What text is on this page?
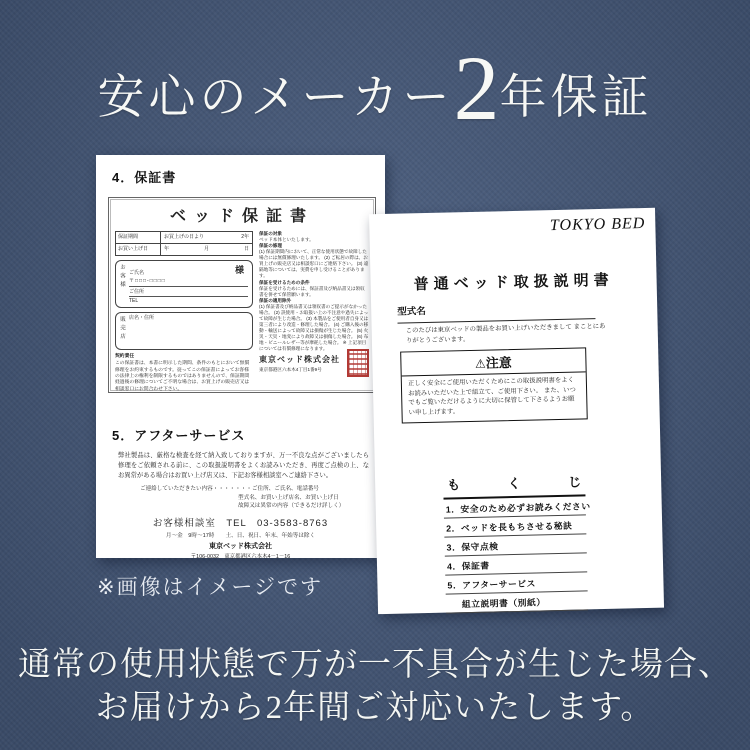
安心のメーカー2年保証
4．保証書
ベッド保証書
保証期間	お買上げの日より	2年
お買い上げ日	年	月	日
お客様 ご氏名	様
〒□□□-□□□□
ご住所
TEL
販売店 店名・住所
契約責任
この保証書は、本書に明示した期間、条件のもとにおいて無償修理をお約束するものです。従ってこの保証書によってお客様の法律上の権利を制限するものではありませんので、保証期間経過後の修理についてご不明な場合は、お買上げの販売店又は相談窓口にお問合わせ下さい。
保証の対象
ベッド本体といたします。
保証の修理
(1) 保証期間内において、正常な使用状態で故障した場合には無償修理いたします。 (2) ご転居の際は、お買上げの販売店又は相談窓口にご連絡下さい。 (3) 遠隔地等については、実費を申し受けることがあります。
保証を受けるための条件
保証を受けるためには、保証書及び納品書又は領収書を併せて保管願います。
保証の適用除外
(1) 保証書及び納品書又は領収書のご提示がなかった場合。 (2) 誤使用・お取扱い上の不注意や過失によって故障が生じた場合。 (3) 本製品をご使用者自身又は第三者により改造・修理した場合。 (4) ご購入後の移動・輸送によって故障又は損傷が生じた場合。 (5) 火災・天災・地変により故障又は損傷した場合。 (6) 布地・ビニールレザー等が摩耗した場合。 ※ 上記項目については有償修理になります。
東京ベッド株式会社
東京都港区六本木4丁目1番9号
5．アフターサービス
弊社製品は、厳格な検査を経て納入致しておりますが、万一不良な点がございましたら修理をご依頼される前に、この取扱説明書をよくお読みいただき、再度ご点検の上、なお異常がある場合はお買い上げ店又は、下記お客様相談室へご連絡下さい。
ご連絡していただきたい内容・・・・・・・ご住所、ご氏名、電話番号
型式名、お買い上げ店名、お買い上げ日
故障又は異常の内容（できるだけ詳しく）
お客様相談室　TEL　03-3583-8763
月～金　9時～17時　　土、日、祝日、年末、年始等は除く
東京ベッド株式会社
〒106-0032　東京都港区六本木4－1－16
TOKYO BED
普通ベッド取扱説明書
型式名
このたびは東京ベッドの製品をお買い上げいただきまして まことにありがとうございます。
⚠注意
正しく安全にご使用いただくためにこの取扱説明書をよくお読みいただいた上で組立て、ご使用下さい。 また、いつでもご覧いただけるように大切に保管して下さるようお願い申し上げます。
も	く	じ
1．安全のため必ずお読みください
2．ベッドを長もちさせる秘訣
3．保守点検
4．保証書
5．アフターサービス
組立説明書（別紙）
※画像はイメージです
通常の使用状態で万が一不具合が生じた場合、
お届けから2年間ご対応いたします。
